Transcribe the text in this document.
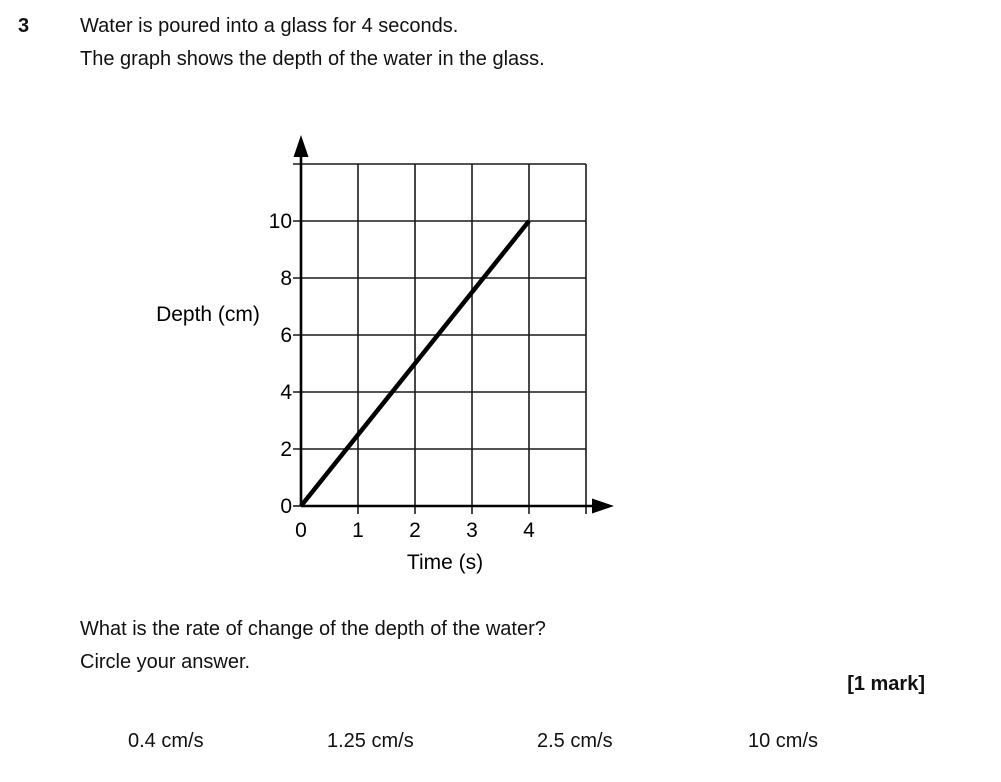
3	Water is poured into a glass for 4 seconds.
The graph shows the depth of the water in the glass.
0 1 2 3 4
0
2
4
6
8
10
Depth (cm)
Time (s)
What is the rate of change of the depth of the water?
Circle your answer.
[1 mark]
0.4 cm/s	1.25 cm/s	2.5 cm/s	10 cm/s
